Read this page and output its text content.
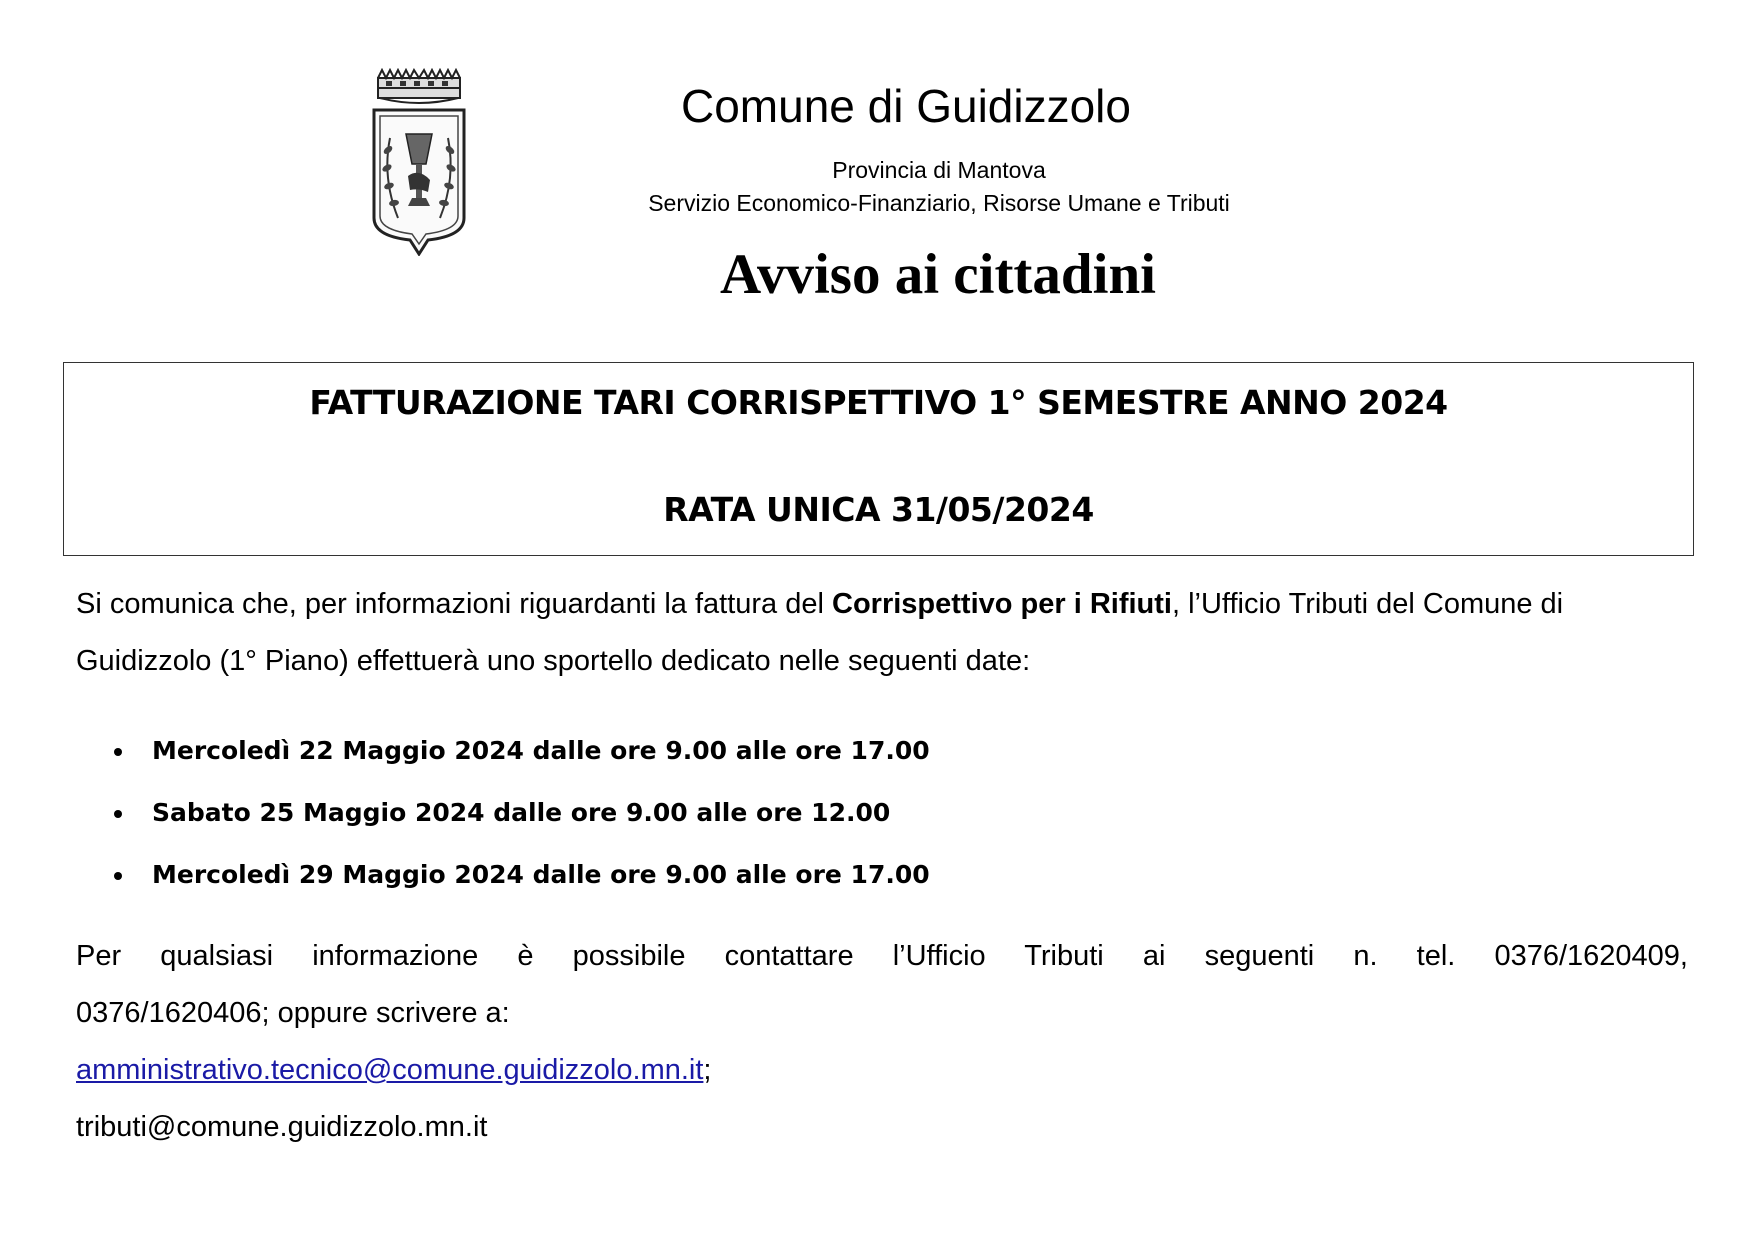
Comune di Guidizzolo
Provincia di Mantova
Servizio Economico-Finanziario, Risorse Umane e Tributi
Avviso ai cittadini
FATTURAZIONE TARI CORRISPETTIVO 1° SEMESTRE ANNO 2024
RATA UNICA 31/05/2024

Si comunica che, per informazioni riguardanti la fattura del Corrispettivo per i Rifiuti, l’Ufficio Tributi del Comune di Guidizzolo (1° Piano) effettuerà uno sportello dedicato nelle seguenti date:

Mercoledì 22 Maggio 2024 dalle ore 9.00 alle ore 17.00
Sabato 25 Maggio 2024 dalle ore 9.00 alle ore 12.00
Mercoledì 29 Maggio 2024 dalle ore 9.00 alle ore 17.00
Per qualsiasi informazione è possibile contattare l’Ufficio Tributi ai seguenti n. tel. 0376/1620409,
0376/1620406; oppure scrivere a:
amministrativo.tecnico@comune.guidizzolo.mn.it;
tributi@comune.guidizzolo.mn.it
